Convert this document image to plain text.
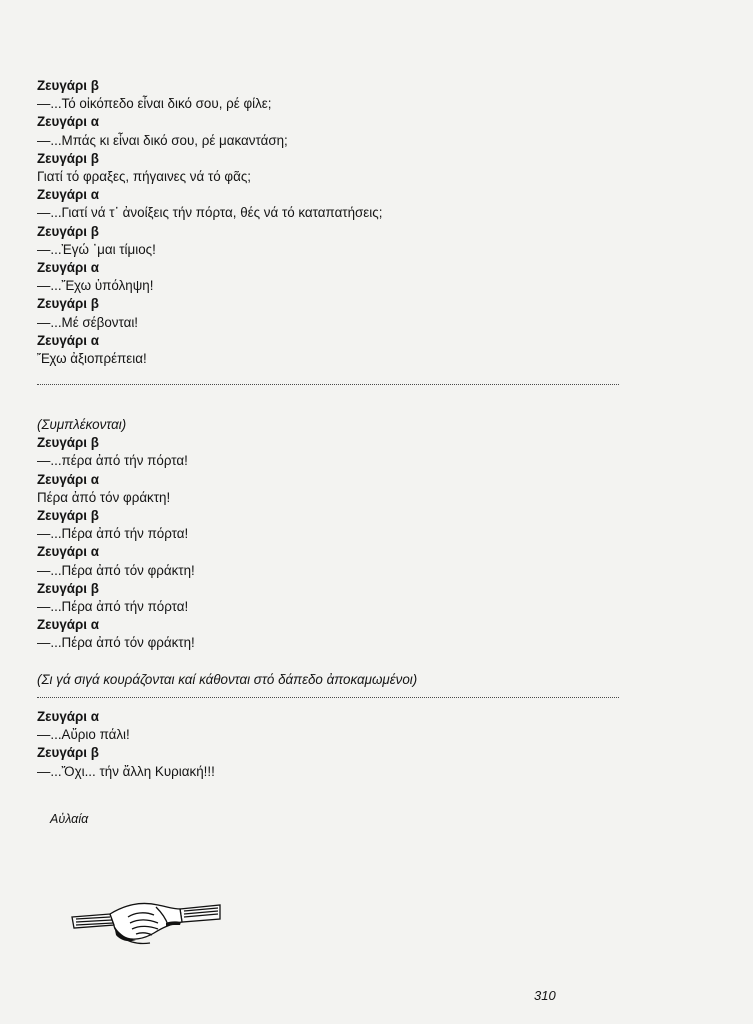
Ζευγάρι β
—...Τό οἰκόπεδο εἶναι δικό σου, ρέ φίλε;
Ζευγάρι α
—...Μπάς κι εἶναι δικό σου, ρέ μακαντάση;
Ζευγάρι β
Γιατί τό φραξες, πήγαινες νά τό φᾶς;
Ζευγάρι α
—...Γιατί νά τ᾽ ἀνοίξεις τήν πόρτα, θές νά τό καταπατήσεις;
Ζευγάρι β
—...Ἐγώ ᾽μαι τίμιος!
Ζευγάρι α
—...Ἔχω ὑπόληψη!
Ζευγάρι β
—...Μέ σέβονται!
Ζευγάρι α
Ἔχω ἀξιοπρέπεια!
(Συμπλέκονται)
Ζευγάρι β
—...πέρα ἀπό τήν πόρτα!
Ζευγάρι α
Πέρα ἀπό τόν φράκτη!
Ζευγάρι β
—...Πέρα ἀπό τήν πόρτα!
Ζευγάρι α
—...Πέρα ἀπό τόν φράκτη!
Ζευγάρι β
—...Πέρα ἀπό τήν πόρτα!
Ζευγάρι α
—...Πέρα ἀπό τόν φράκτη!
(Σι γά σιγά κουράζονται καί κάθονται στό δάπεδο ἀποκαμωμένοι)
Ζευγάρι α
—...Αὔριο πάλι!
Ζευγάρι β
—...Ὄχι... τήν ἄλλη Κυριακή!!!
Αὐλαία
310
